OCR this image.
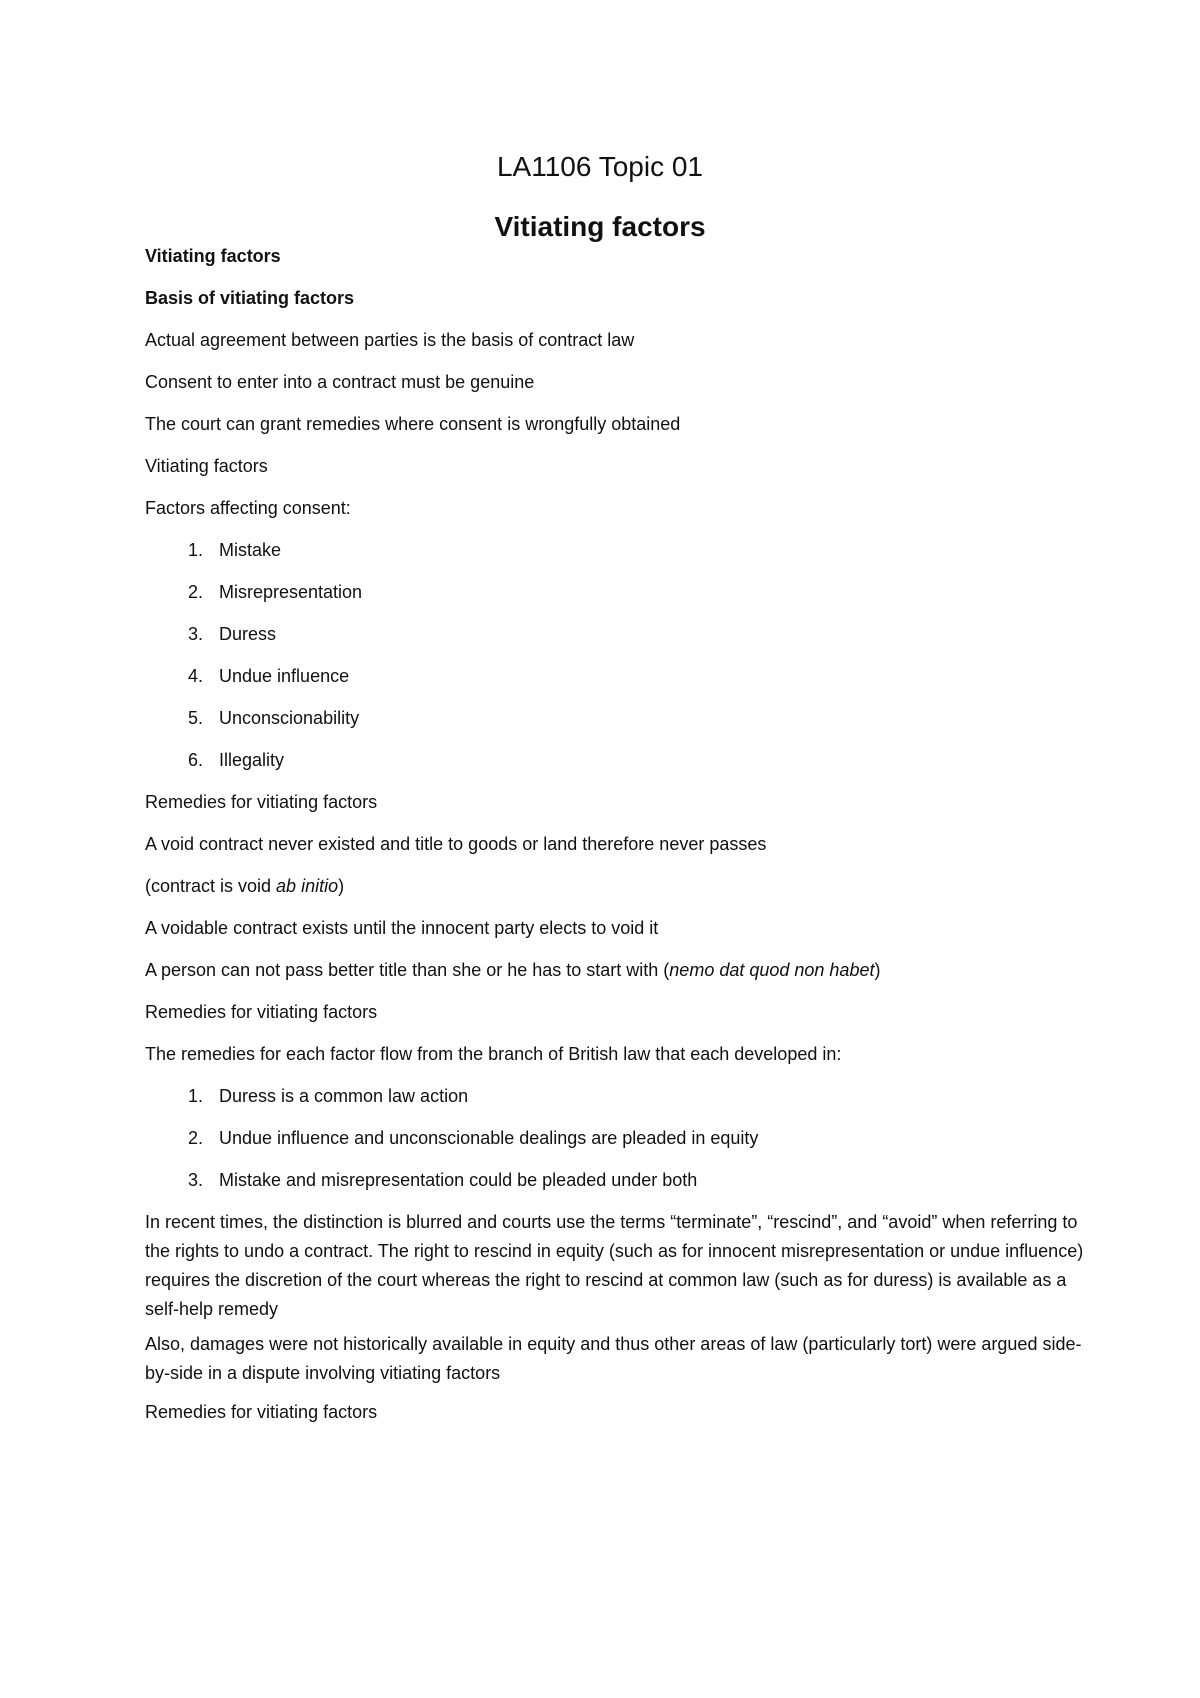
LA1106 Topic 01
Vitiating factors

Vitiating factors

Basis of vitiating factors

Actual agreement between parties is the basis of contract law

Consent to enter into a contract must be genuine

The court can grant remedies where consent is wrongfully obtained

Vitiating factors

Factors affecting consent:

1. Mistake
2. Misrepresentation
3. Duress
4. Undue influence
5. Unconscionability
6. Illegality

Remedies for vitiating factors

A void contract never existed and title to goods or land therefore never passes

(contract is void ab initio)

A voidable contract exists until the innocent party elects to void it

A person can not pass better title than she or he has to start with (nemo dat quod non habet)

Remedies for vitiating factors

The remedies for each factor flow from the branch of British law that each developed in:

1. Duress is a common law action
2. Undue influence and unconscionable dealings are pleaded in equity
3. Mistake and misrepresentation could be pleaded under both

In recent times, the distinction is blurred and courts use the terms “terminate”, “rescind”, and “avoid” when referring to the rights to undo a contract. The right to rescind in equity (such as for innocent misrepresentation or undue influence) requires the discretion of the court whereas the right to rescind at common law (such as for duress) is available as a self-help remedy

Also, damages were not historically available in equity and thus other areas of law (particularly tort) were argued side-by-side in a dispute involving vitiating factors

Remedies for vitiating factors
